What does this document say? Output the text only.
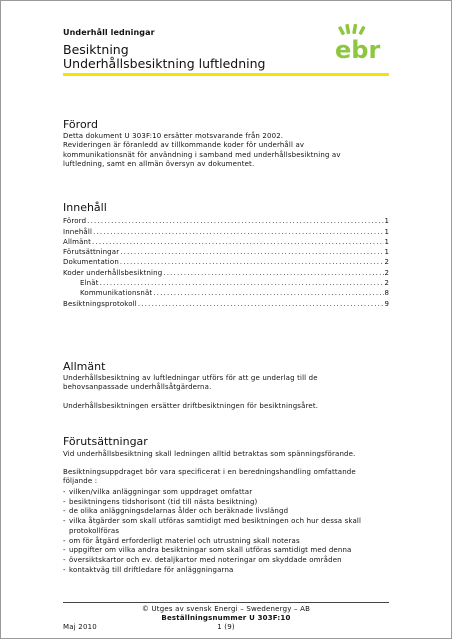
Underhåll ledningar
Besiktning
Underhållsbesiktning luftledning	ebr
Förord
Detta dokument U 303F:10 ersätter motsvarande från 2002.
Revideringen är föranledd av tillkommande koder för underhåll av
kommunikationsnät för användning i samband med underhållsbesiktning av
luftledning, samt en allmän översyn av dokumentet.
Innehåll
Förord .....	1
Innehåll .....	1
Allmänt .....	1
Förutsättningar .....	1
Dokumentation .....	2
Koder underhållsbesiktning .....	2
Elnät .....	2
Kommunikationsnät .....	8
Besiktningsprotokoll .....	9
Allmänt
Underhållsbesiktning av luftledningar utförs för att ge underlag till de
behovsanpassade underhållsåtgärderna.
Underhållsbesiktningen ersätter driftbesiktningen för besiktningsåret.
Förutsättningar
Vid underhållsbesiktning skall ledningen alltid betraktas som spänningsförande.
Besiktningsuppdraget bör vara specificerat i en beredningshandling omfattande
följande :
- vilken/vilka anläggningar som uppdraget omfattar
- besiktningens tidshorisont (tid till nästa besiktning)
- de olika anläggningsdelarnas ålder och beräknade livslängd
- vilka åtgärder som skall utföras samtidigt med besiktningen och hur dessa skall
protokollföras
- om för åtgärd erforderligt materiel och utrustning skall noteras
- uppgifter om vilka andra besiktningar som skall utföras samtidigt med denna
- översiktskartor och ev. detaljkartor med noteringar om skyddade områden
- kontaktväg till driftledare för anläggningarna
© Utges av svensk Energi – Swedenergy – AB
Beställningsnummer U 303F:10
Maj 2010	1 (9)
